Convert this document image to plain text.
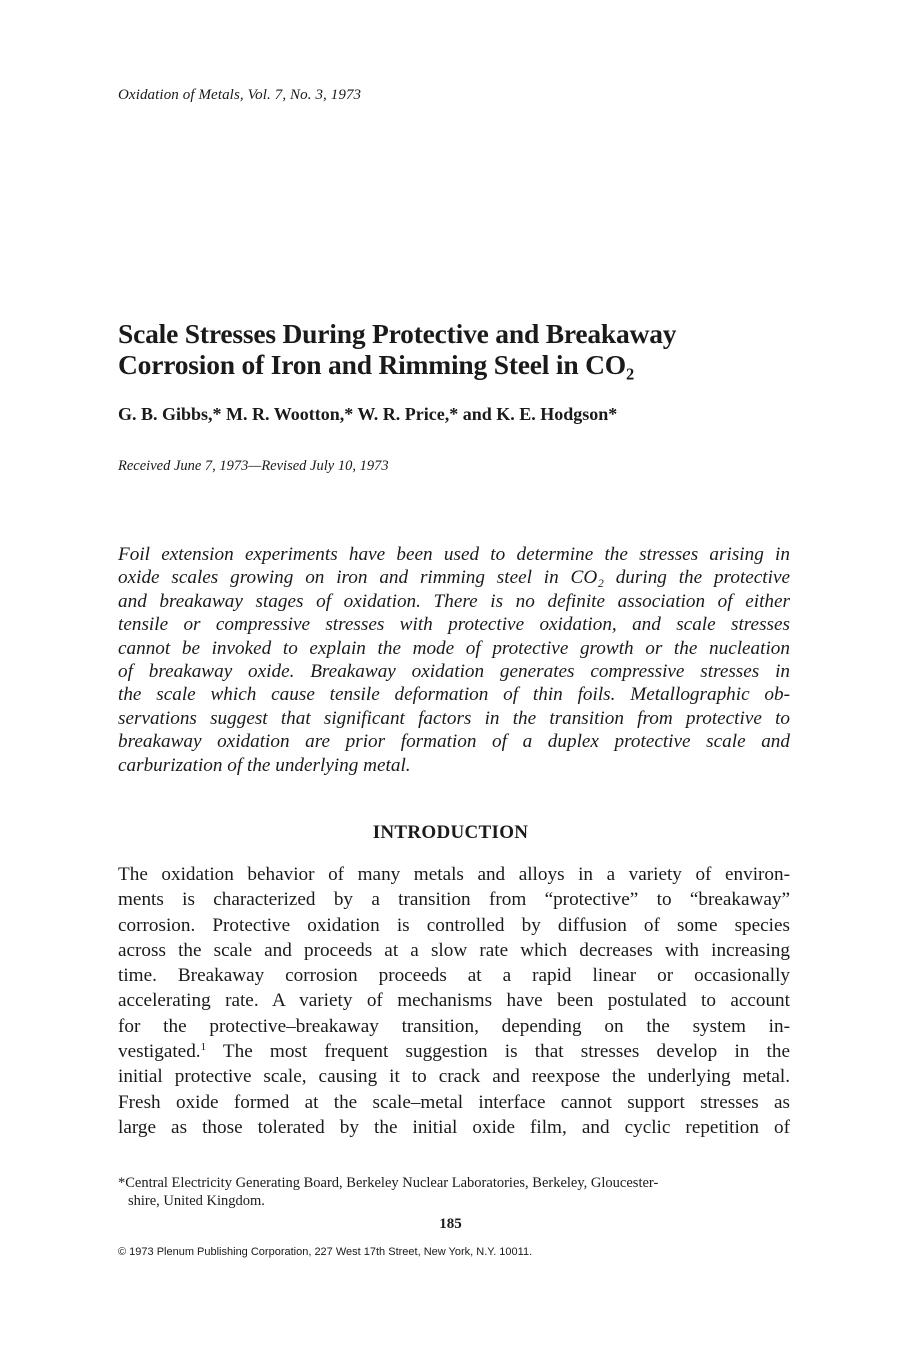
Oxidation of Metals, Vol. 7, No. 3, 1973
Scale Stresses During Protective and Breakaway
Corrosion of Iron and Rimming Steel in CO₂
G. B. Gibbs,* M. R. Wootton,* W. R. Price,* and K. E. Hodgson*
Received June 7, 1973—Revised July 10, 1973
Foil extension experiments have been used to determine the stresses arising in
oxide scales growing on iron and rimming steel in CO₂ during the protective
and breakaway stages of oxidation. There is no definite association of either
tensile or compressive stresses with protective oxidation, and scale stresses
cannot be invoked to explain the mode of protective growth or the nucleation
of breakaway oxide. Breakaway oxidation generates compressive stresses in
the scale which cause tensile deformation of thin foils. Metallographic ob-
servations suggest that significant factors in the transition from protective to
breakaway oxidation are prior formation of a duplex protective scale and
carburization of the underlying metal.
INTRODUCTION
The oxidation behavior of many metals and alloys in a variety of environ-
ments is characterized by a transition from “protective” to “breakaway”
corrosion. Protective oxidation is controlled by diffusion of some species
across the scale and proceeds at a slow rate which decreases with increasing
time. Breakaway corrosion proceeds at a rapid linear or occasionally
accelerating rate. A variety of mechanisms have been postulated to account
for the protective–breakaway transition, depending on the system in-
vestigated.$^1$ The most frequent suggestion is that stresses develop in the
initial protective scale, causing it to crack and reexpose the underlying metal.
Fresh oxide formed at the scale–metal interface cannot support stresses as
large as those tolerated by the initial oxide film, and cyclic repetition of
*Central Electricity Generating Board, Berkeley Nuclear Laboratories, Berkeley, Gloucester-
shire, United Kingdom.
185
© 1973 Plenum Publishing Corporation, 227 West 17th Street, New York, N.Y. 10011.
